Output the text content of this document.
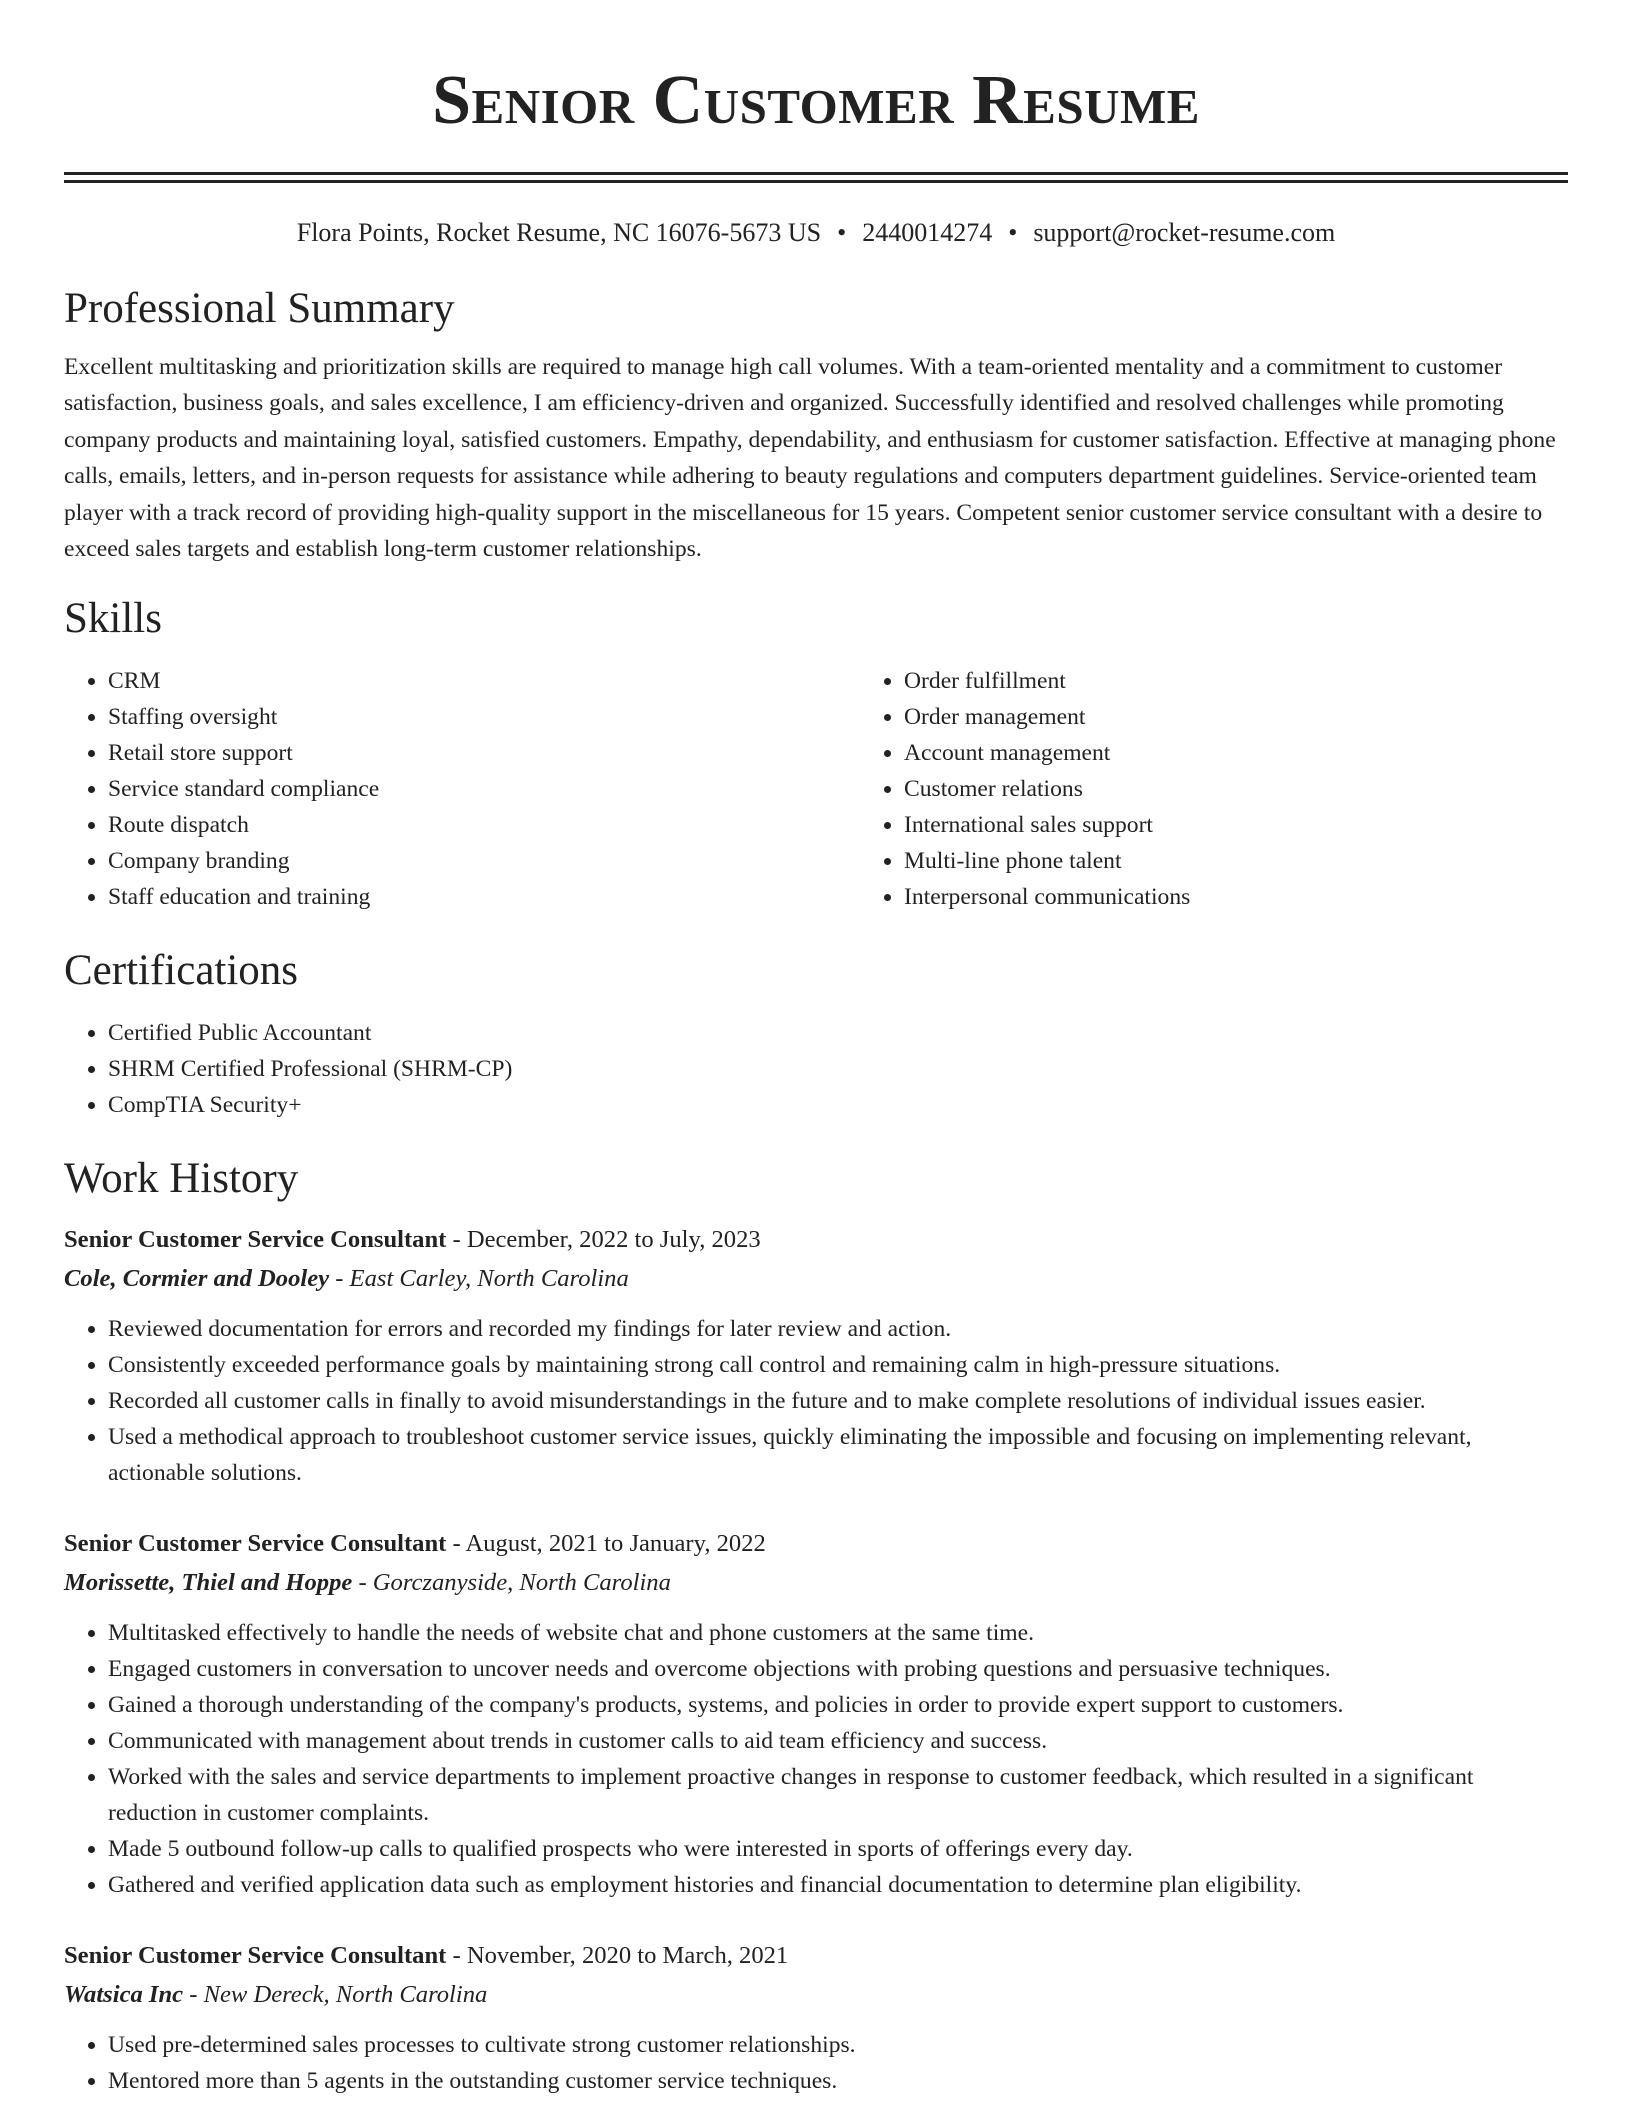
Senior Customer Resume
Flora Points, Rocket Resume, NC 16076-5673 US • 2440014274 • support@rocket-resume.com
Professional Summary

Excellent multitasking and prioritization skills are required to manage high call volumes. With a team-oriented mentality and a commitment to customer satisfaction, business goals, and sales excellence, I am efficiency-driven and organized. Successfully identified and resolved challenges while promoting company products and maintaining loyal, satisfied customers. Empathy, dependability, and enthusiasm for customer satisfaction. Effective at managing phone calls, emails, letters, and in-person requests for assistance while adhering to beauty regulations and computers department guidelines. Service-oriented team player with a track record of providing high-quality support in the miscellaneous for 15 years. Competent senior customer service consultant with a desire to exceed sales targets and establish long-term customer relationships.

Skills
• CRM
• Staffing oversight
• Retail store support
• Service standard compliance
• Route dispatch
• Company branding
• Staff education and training
• Order fulfillment
• Order management
• Account management
• Customer relations
• International sales support
• Multi-line phone talent
• Interpersonal communications
Certifications
• Certified Public Accountant
• SHRM Certified Professional (SHRM-CP)
• CompTIA Security+
Work History
Senior Customer Service Consultant - December, 2022 to July, 2023
Cole, Cormier and Dooley - East Carley, North Carolina
• Reviewed documentation for errors and recorded my findings for later review and action.
• Consistently exceeded performance goals by maintaining strong call control and remaining calm in high-pressure situations.
• Recorded all customer calls in finally to avoid misunderstandings in the future and to make complete resolutions of individual issues easier.
• Used a methodical approach to troubleshoot customer service issues, quickly eliminating the impossible and focusing on implementing relevant, actionable solutions.
Senior Customer Service Consultant - August, 2021 to January, 2022
Morissette, Thiel and Hoppe - Gorczanyside, North Carolina
• Multitasked effectively to handle the needs of website chat and phone customers at the same time.
• Engaged customers in conversation to uncover needs and overcome objections with probing questions and persuasive techniques.
• Gained a thorough understanding of the company's products, systems, and policies in order to provide expert support to customers.
• Communicated with management about trends in customer calls to aid team efficiency and success.
• Worked with the sales and service departments to implement proactive changes in response to customer feedback, which resulted in a significant reduction in customer complaints.
• Made 5 outbound follow-up calls to qualified prospects who were interested in sports of offerings every day.
• Gathered and verified application data such as employment histories and financial documentation to determine plan eligibility.
Senior Customer Service Consultant - November, 2020 to March, 2021
Watsica Inc - New Dereck, North Carolina
• Used pre-determined sales processes to cultivate strong customer relationships.
• Mentored more than 5 agents in the outstanding customer service techniques.
